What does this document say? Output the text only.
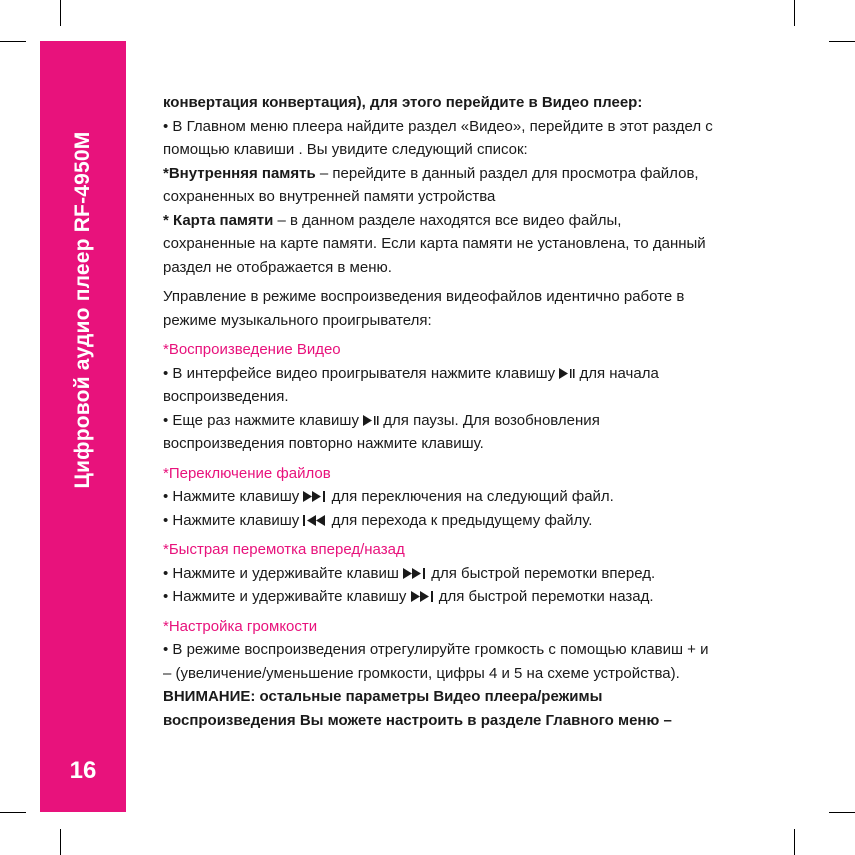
Цифровой аудио плеер RF-4950M
16

конвертация конвертация), для этого перейдите в Видео плеер:

• В Главном меню плеера найдите раздел «Видео», перейдите в этот раздел с

помощью клавиши . Вы увидите следующий список:

*Внутренняя память – перейдите в данный раздел для просмотра файлов,

сохраненных во внутренней памяти устройства

* Карта памяти – в данном разделе находятся все видео файлы,

сохраненные на карте памяти. Если карта памяти не установлена, то данный

раздел не отображается в меню.

Управление в режиме воспроизведения видеофайлов идентично работе в

режиме музыкального проигрывателя:

*Воспроизведение Видео

• В интерфейсе видео проигрывателя нажмите клавишу  для начала

воспроизведения.

• Еще раз нажмите клавишу  для паузы. Для возобновления

воспроизведения повторно нажмите клавишу.

*Переключение файлов

• Нажмите клавишу  для переключения на следующий файл.

• Нажмите клавишу  для перехода к предыдущему файлу.

*Быстрая перемотка вперед/назад

• Нажмите и удерживайте клавиш  для быстрой перемотки вперед.

• Нажмите и удерживайте клавишу  для быстрой перемотки назад.

*Настройка громкости

• В режиме воспроизведения отрегулируйте громкость с помощью клавиш + и

– (увеличение/уменьшение громкости, цифры 4 и 5 на схеме устройства).

ВНИМАНИЕ: остальные параметры Видео плеера/режимы

воспроизведения Вы можете настроить в разделе Главного меню –
